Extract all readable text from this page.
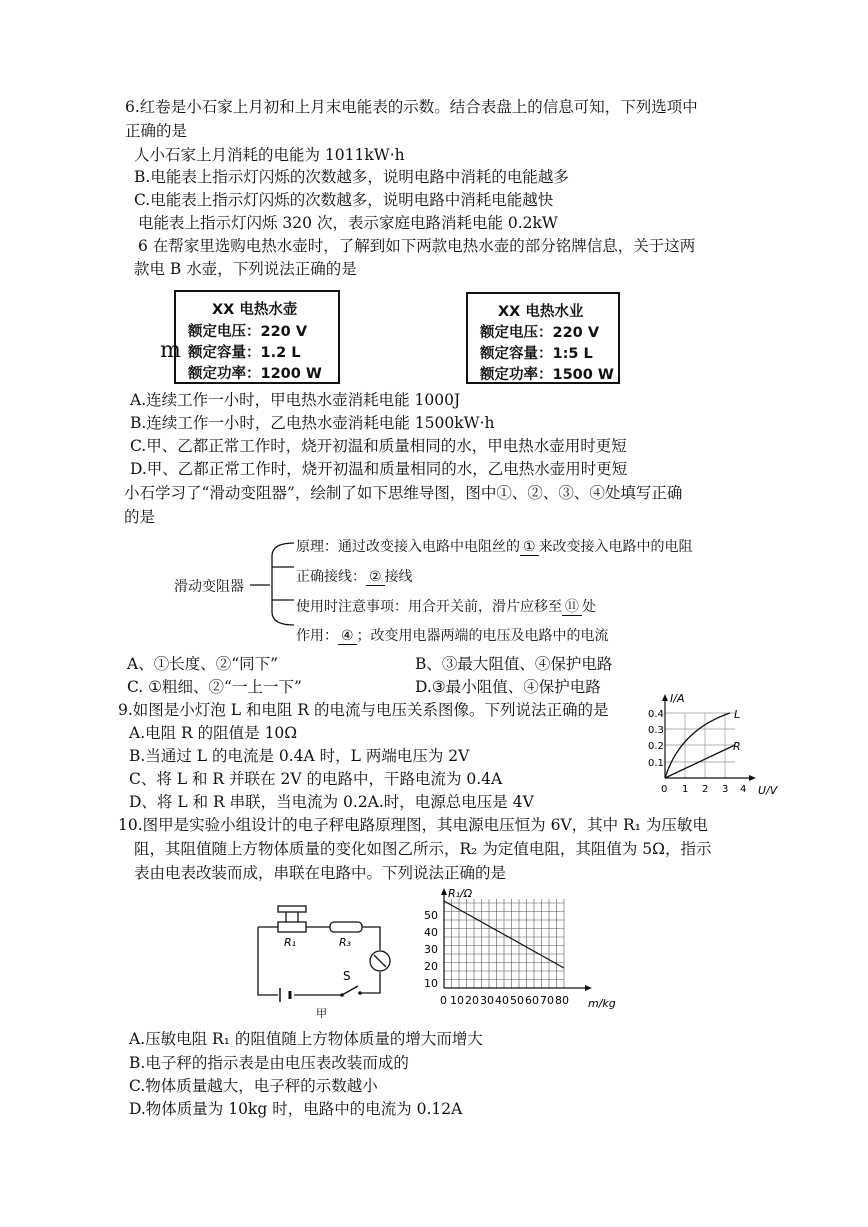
6.红卷是小石家上月初和上月末电能表的示数。结合表盘上的信息可知，下列选项中
正确的是
人小石家上月消耗的电能为 1011kW·h
B.电能表上指示灯闪烁的次数越多，说明电路中消耗的电能越多
C.电能表上指示灯闪烁的次数越多，说明电路中消耗电能越快
电能表上指示灯闪烁 320 次，表示家庭电路消耗电能 0.2kW
6 在帮家里选购电热水壶时，了解到如下两款电热水壶的部分铭牌信息，关于这两
款电 B 水壶，下列说法正确的是
XX 电热水壶
额定电压：220 V
额定容量：1.2 L
额定功率：1200 W
m
XX 电热水业
额定电压：220 V
额定容量：1:5 L
额定功率：1500 W
A.连续工作一小时，甲电热水壶消耗电能 1000J
B.连续工作一小时，乙电热水壶消耗电能 1500kW·h
C.甲、乙都正常工作时，烧开初温和质量相同的水，甲电热水壶用时更短
D.甲、乙都正常工作时，烧开初温和质量相同的水，乙电热水壶用时更短
小石学习了“滑动变阻器”，绘制了如下思维导图，图中①、②、③、④处填写正确
的是
滑动变阻器
原理：通过改变接入电路中电阻丝的 ① 来改变接入电路中的电阻
正确接线： ② 接线
使用时注意事项：用合开关前，滑片应移至 ⑪ 处
作用： ④ ；改变用电器两端的电压及电路中的电流
A、①长度、②“同下”	B、③最大阻值、④保护电路
C. ①粗细、②“一上一下”	D.③最小阻值、④保护电路
9.如图是小灯泡 L 和电阻 R 的电流与电压关系图像。下列说法正确的是
A.电阻 R 的阻值是 10Ω
B.当通过 L 的电流是 0.4A 时，L 两端电压为 2V
C、将 L 和 R 并联在 2V 的电路中，干路电流为 0.4A
D、将 L 和 R 串联，当电流为 0.2A.时，电源总电压是 4V
I/A
U/V
0.4
0.3
0.2
0.1
0 1 2 3 4
L
R
10.图甲是实验小组设计的电子秤电路原理图，其电源电压恒为 6V，其中 R₁ 为压敏电
阻，其阻值随上方物体质量的变化如图乙所示，R₂ 为定值电阻，其阻值为 5Ω，指示
表由电表改装而成，串联在电路中。下列说法正确的是
R₁	R₃
S
甲
R₁/Ω
m/kg
50
40
30
20
10
0 10 20 30 40 50 60 70 80
A.压敏电阻 R₁ 的阻值随上方物体质量的增大而增大
B.电子秤的指示表是由电压表改装而成的
C.物体质量越大，电子秤的示数越小
D.物体质量为 10kg 时，电路中的电流为 0.12A
